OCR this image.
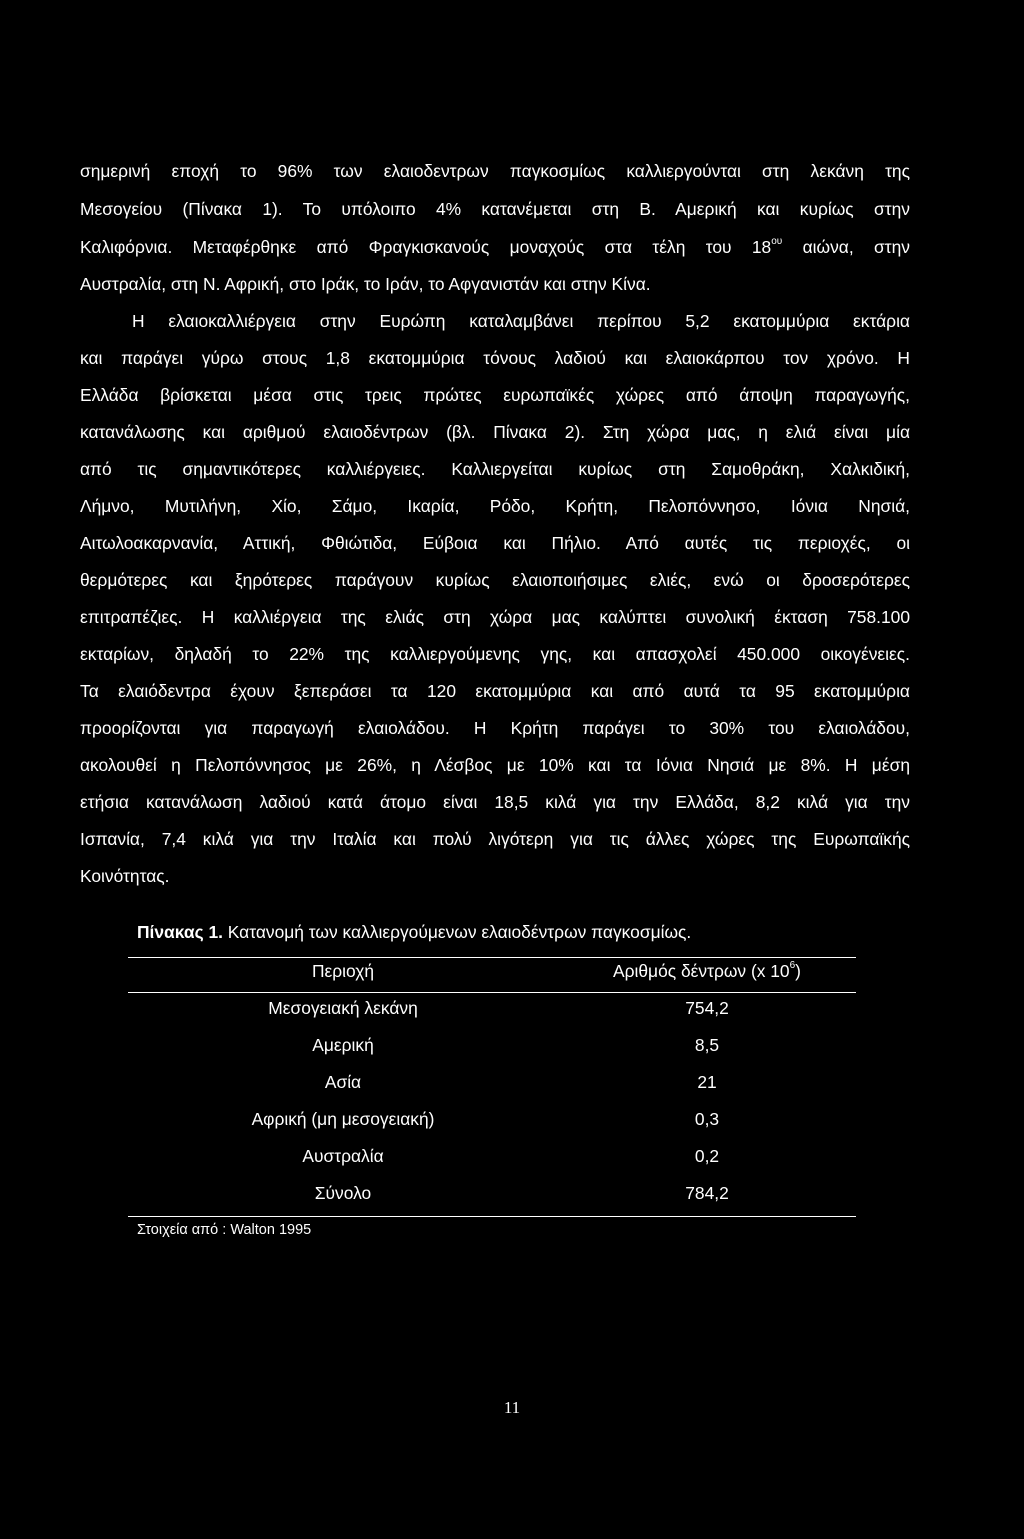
σημερινή εποχή το 96% των ελαιοδεντρων παγκοσμίως καλλιεργούνται στη λεκάνη της
Μεσογείου (Πίνακα 1). Το υπόλοιπο 4% κατανέμεται στη Β. Αμερική και κυρίως στην
Καλιφόρνια. Μεταφέρθηκε από Φραγκισκανούς μοναχούς στα τέλη του $18^{o\upsilon}$ αιώνα, στην
Αυστραλία, στη Ν. Αφρική, στο Ιράκ, το Ιράν, το Αφγανιστάν και στην Κίνα.
Η ελαιοκαλλιέργεια στην Ευρώπη καταλαμβάνει περίπου 5,2 εκατομμύρια εκτάρια
και παράγει γύρω στους 1,8 εκατομμύρια τόνους λαδιού και ελαιοκάρπου τον χρόνο. Η
Ελλάδα βρίσκεται μέσα στις τρεις πρώτες ευρωπαϊκές χώρες από άποψη παραγωγής,
κατανάλωσης και αριθμού ελαιοδέντρων (βλ. Πίνακα 2). Στη χώρα μας, η ελιά είναι μία
από τις σημαντικότερες καλλιέργειες. Καλλιεργείται κυρίως στη Σαμοθράκη, Χαλκιδική,
Λήμνο, Μυτιλήνη, Χίο, Σάμο, Ικαρία, Ρόδο, Κρήτη, Πελοπόννησο, Ιόνια Νησιά,
Αιτωλοακαρνανία, Αττική, Φθιώτιδα, Εύβοια και Πήλιο. Από αυτές τις περιοχές, οι
θερμότερες και ξηρότερες παράγουν κυρίως ελαιοποιήσιμες ελιές, ενώ οι δροσερότερες
επιτραπέζιες. Η καλλιέργεια της ελιάς στη χώρα μας καλύπτει συνολική έκταση 758.100
εκταρίων, δηλαδή το 22% της καλλιεργούμενης γης, και απασχολεί 450.000 οικογένειες.
Τα ελαιόδεντρα έχουν ξεπεράσει τα 120 εκατομμύρια και από αυτά τα 95 εκατομμύρια
προορίζονται για παραγωγή ελαιολάδου. Η Κρήτη παράγει το 30% του ελαιολάδου,
ακολουθεί η Πελοπόννησος με 26%, η Λέσβος με 10% και τα Ιόνια Νησιά με 8%. Η μέση
ετήσια κατανάλωση λαδιού κατά άτομο είναι 18,5 κιλά για την Ελλάδα, 8,2 κιλά για την
Ισπανία, 7,4 κιλά για την Ιταλία και πολύ λιγότερη για τις άλλες χώρες της Ευρωπαϊκής
Κοινότητας.
Πίνακας 1. Κατανομή των καλλιεργούμενων ελαιοδέντρων παγκοσμίως.
Περιοχή	Αριθμός δέντρων (x $10^6$)
Μεσογειακή λεκάνη	754,2
Αμερική	8,5
Ασία	21
Αφρική (μη μεσογειακή)	0,3
Αυστραλία	0,2
Σύνολο	784,2
Στοιχεία από : Walton 1995
11
